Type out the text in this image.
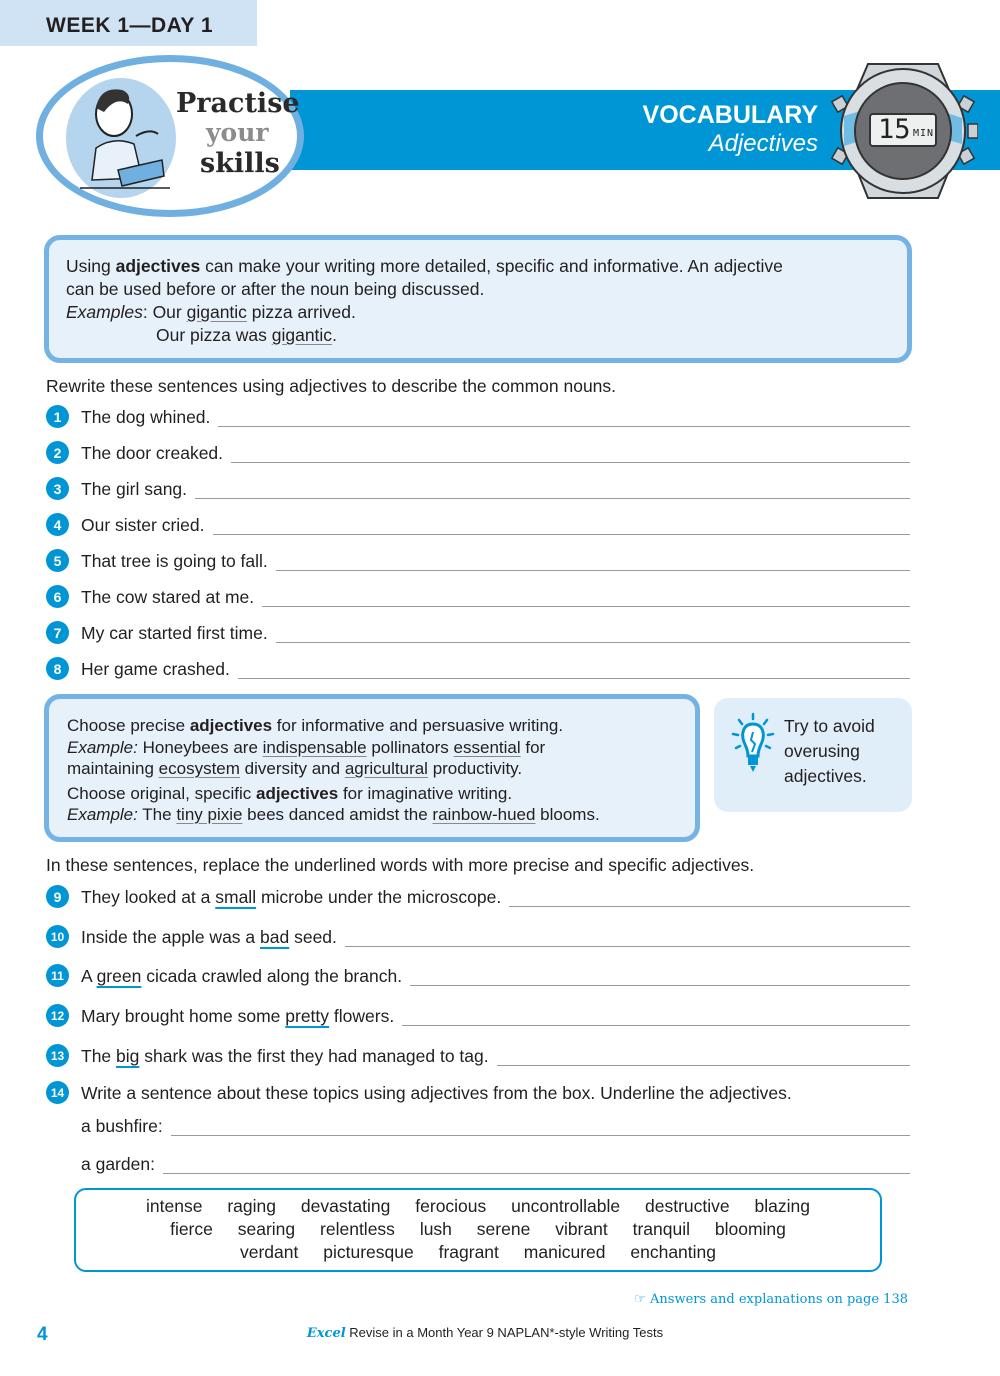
WEEK 1—DAY 1
VOCABULARY
Adjectives
Practise
your
skills
15 MIN
Using adjectives can make your writing more detailed, specific and informative. An adjective
can be used before or after the noun being discussed.
Examples: Our gigantic pizza arrived.
Our pizza was gigantic.
Rewrite these sentences using adjectives to describe the common nouns.
1	The dog whined.
2	The door creaked.
3	The girl sang.
4	Our sister cried.
5	That tree is going to fall.
6	The cow stared at me.
7	My car started first time.
8	Her game crashed.
Choose precise adjectives for informative and persuasive writing.
Example: Honeybees are indispensable pollinators essential for
maintaining ecosystem diversity and agricultural productivity.
Choose original, specific adjectives for imaginative writing.
Example: The tiny pixie bees danced amidst the rainbow-hued blooms.
Try to avoid
overusing
adjectives.
In these sentences, replace the underlined words with more precise and specific adjectives.
9	They looked at a small microbe under the microscope.
10 Inside the apple was a bad seed.
11 A green cicada crawled along the branch.
12 Mary brought home some pretty flowers.
13 The big shark was the first they had managed to tag.
14 Write a sentence about these topics using adjectives from the box. Underline the adjectives.
a bushfire:
a garden:
intense raging devastating ferocious uncontrollable destructive blazing
fierce searing relentless lush serene vibrant tranquil blooming
verdant picturesque fragrant manicured enchanting
☞ Answers and explanations on page 138
4	Excel Revise in a Month Year 9 NAPLAN*-style Writing Tests
